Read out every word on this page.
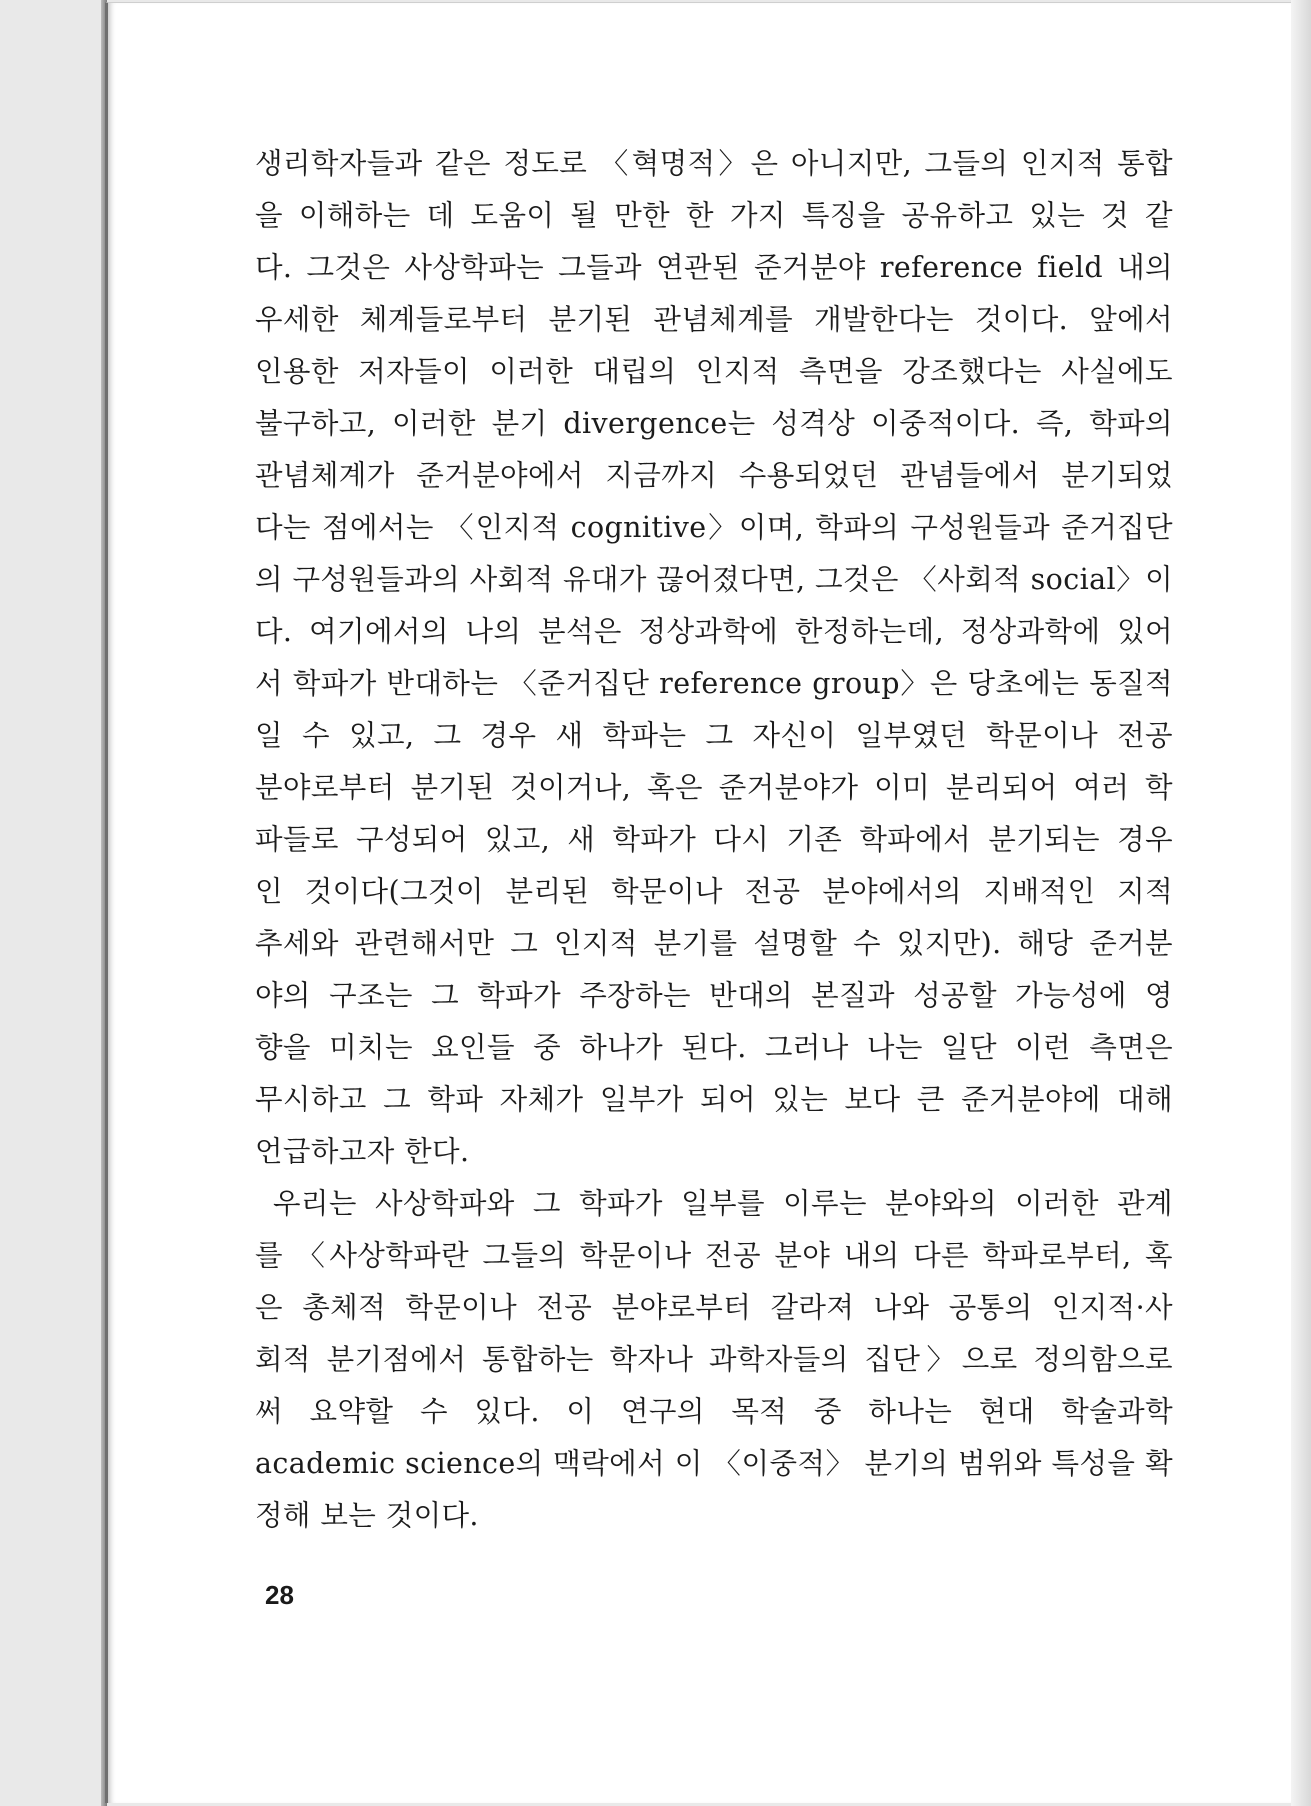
생리학자들과 같은 정도로 〈혁명적〉은 아니지만, 그들의 인지적 통합
을 이해하는 데 도움이 될 만한 한 가지 특징을 공유하고 있는 것 같
다. 그것은 사상학파는 그들과 연관된 준거분야 reference field 내의
우세한 체계들로부터 분기된 관념체계를 개발한다는 것이다. 앞에서
인용한 저자들이 이러한 대립의 인지적 측면을 강조했다는 사실에도
불구하고, 이러한 분기 divergence는 성격상 이중적이다. 즉, 학파의
관념체계가 준거분야에서 지금까지 수용되었던 관념들에서 분기되었
다는 점에서는 〈인지적 cognitive〉이며, 학파의 구성원들과 준거집단
의 구성원들과의 사회적 유대가 끊어졌다면, 그것은 〈사회적 social〉이
다. 여기에서의 나의 분석은 정상과학에 한정하는데, 정상과학에 있어
서 학파가 반대하는 〈준거집단 reference group〉은 당초에는 동질적
일 수 있고, 그 경우 새 학파는 그 자신이 일부였던 학문이나 전공
분야로부터 분기된 것이거나, 혹은 준거분야가 이미 분리되어 여러 학
파들로 구성되어 있고, 새 학파가 다시 기존 학파에서 분기되는 경우
인 것이다(그것이 분리된 학문이나 전공 분야에서의 지배적인 지적
추세와 관련해서만 그 인지적 분기를 설명할 수 있지만). 해당 준거분
야의 구조는 그 학파가 주장하는 반대의 본질과 성공할 가능성에 영
향을 미치는 요인들 중 하나가 된다. 그러나 나는 일단 이런 측면은
무시하고 그 학파 자체가 일부가 되어 있는 보다 큰 준거분야에 대해
언급하고자 한다.
우리는 사상학파와 그 학파가 일부를 이루는 분야와의 이러한 관계
를 〈사상학파란 그들의 학문이나 전공 분야 내의 다른 학파로부터, 혹
은 총체적 학문이나 전공 분야로부터 갈라져 나와 공통의 인지적·사
회적 분기점에서 통합하는 학자나 과학자들의 집단〉으로 정의함으로
써 요약할 수 있다. 이 연구의 목적 중 하나는 현대 학술과학
academic science의 맥락에서 이 〈이중적〉 분기의 범위와 특성을 확
정해 보는 것이다.
28
